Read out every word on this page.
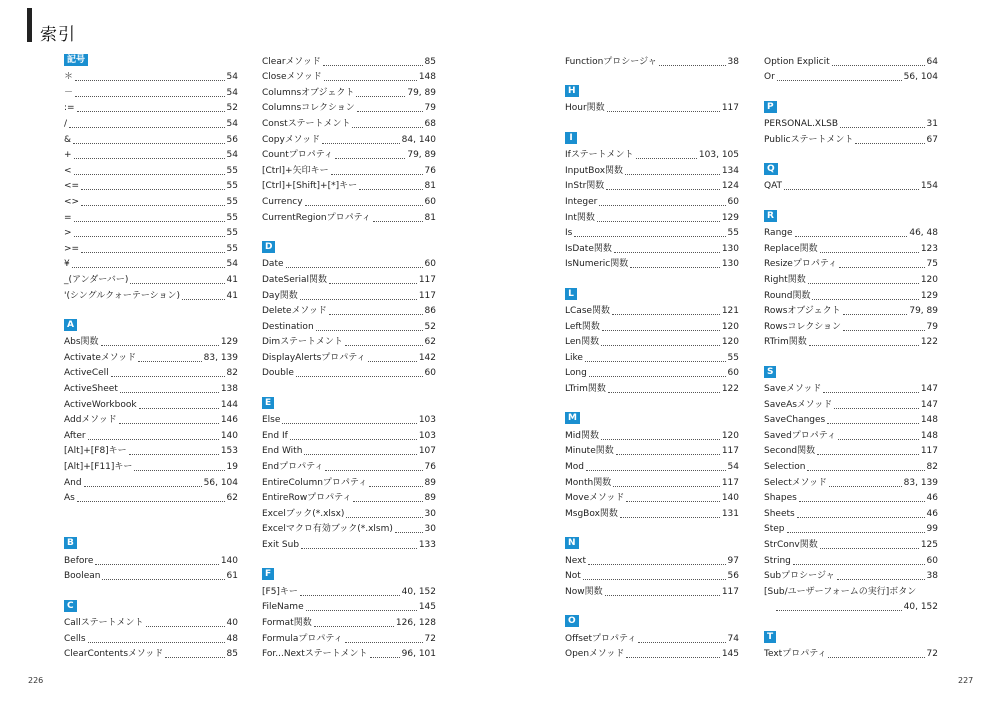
索引
記号
＊	54
－	54
:=	52
/	54
&	56
+	54
<	55
<=	55
<>	55
=	55
>	55
>=	55
¥	54
_(アンダーバー)	41
'(シングルクォーテーション)	41
A
Abs関数	129
Activateメソッド	83, 139
ActiveCell	82
ActiveSheet	138
ActiveWorkbook	144
Addメソッド	146
After	140
[Alt]+[F8]キー	153
[Alt]+[F11]キー	19
And	56, 104
As	62
B
Before	140
Boolean	61
C
Callステートメント	40
Cells	48
ClearContentsメソッド	85
Clearメソッド	85
Closeメソッド	148
Columnsオブジェクト	79, 89
Columnsコレクション	79
Constステートメント	68
Copyメソッド	84, 140
Countプロパティ	79, 89
[Ctrl]+矢印キー	76
[Ctrl]+[Shift]+[*]キー	81
Currency	60
CurrentRegionプロパティ	81
D
Date	60
DateSerial関数	117
Day関数	117
Deleteメソッド	86
Destination	52
Dimステートメント	62
DisplayAlertsプロパティ	142
Double	60
E
Else	103
End If	103
End With	107
Endプロパティ	76
EntireColumnプロパティ	89
EntireRowプロパティ	89
Excelブック(*.xlsx)	30
Excelマクロ有効ブック(*.xlsm)	30
Exit Sub	133
F
[F5]キー	40, 152
FileName	145
Format関数	126, 128
Formulaプロパティ	72
For...Nextステートメント	96, 101
Functionプロシージャ	38
H
Hour関数	117
I
Ifステートメント	103, 105
InputBox関数	134
InStr関数	124
Integer	60
Int関数	129
Is	55
IsDate関数	130
IsNumeric関数	130
L
LCase関数	121
Left関数	120
Len関数	120
Like	55
Long	60
LTrim関数	122
M
Mid関数	120
Minute関数	117
Mod	54
Month関数	117
Moveメソッド	140
MsgBox関数	131
N
Next	97
Not	56
Now関数	117
O
Offsetプロパティ	74
Openメソッド	145
Option Explicit	64
Or	56, 104
P
PERSONAL.XLSB	31
Publicステートメント	67
Q
QAT	154
R
Range	46, 48
Replace関数	123
Resizeプロパティ	75
Right関数	120
Round関数	129
Rowsオブジェクト	79, 89
Rowsコレクション	79
RTrim関数	122
S
Saveメソッド	147
SaveAsメソッド	147
SaveChanges	148
Savedプロパティ	148
Second関数	117
Selection	82
Selectメソッド	83, 139
Shapes	46
Sheets	46
Step	99
StrConv関数	125
String	60
Subプロシージャ	38
[Sub/ユーザーフォームの実行]ボタン
40, 152
T
Textプロパティ	72
226	227
